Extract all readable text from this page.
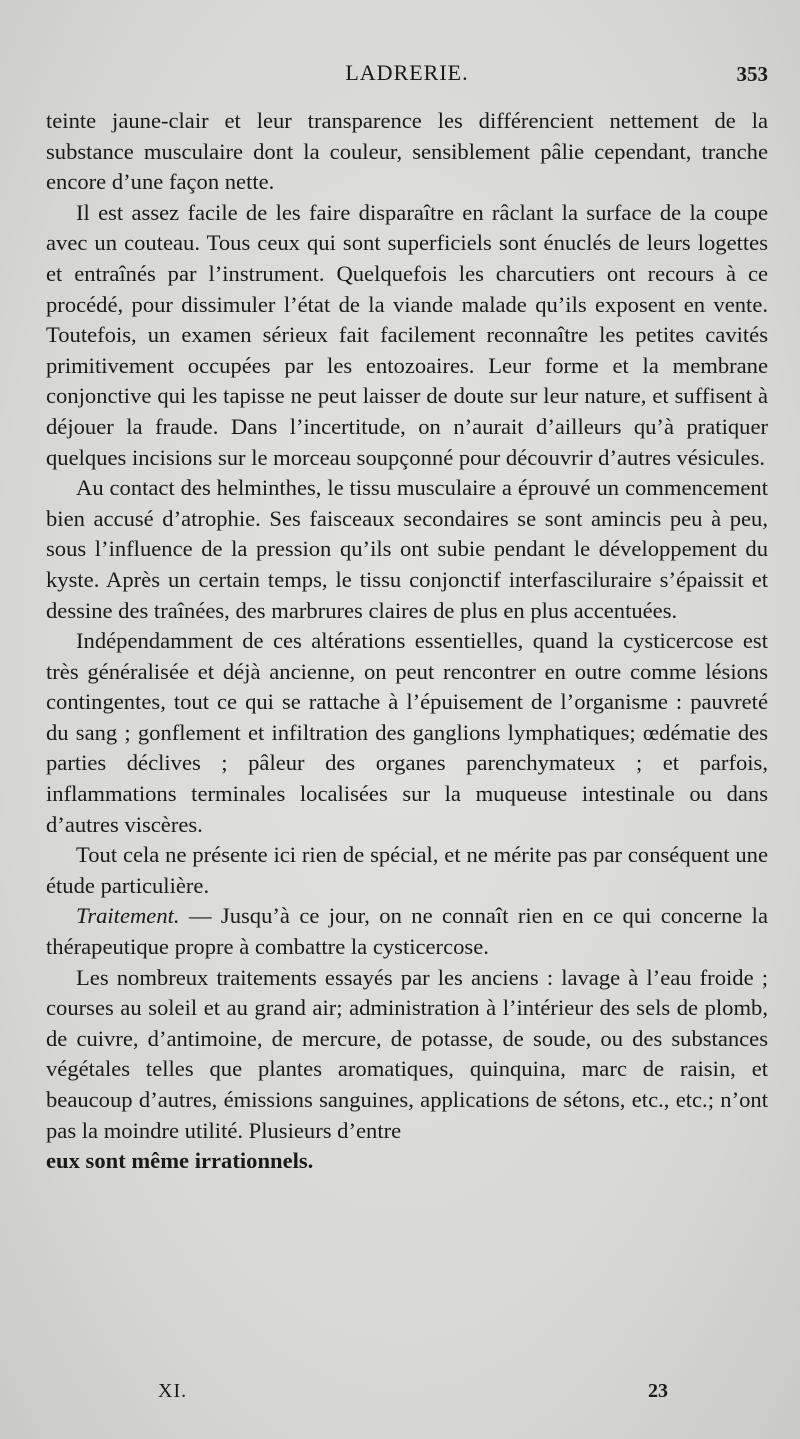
LADRERIE.	353

teinte jaune-clair et leur transparence les différencient nettement de la substance musculaire dont la couleur, sensiblement pâlie cependant, tranche encore d’une façon nette.

Il est assez facile de les faire disparaître en râclant la surface de la coupe avec un couteau. Tous ceux qui sont superficiels sont énuclés de leurs logettes et entraînés par l’instrument. Quelquefois les charcutiers ont recours à ce procédé, pour dissimuler l’état de la viande malade qu’ils exposent en vente. Toutefois, un examen sérieux fait facilement reconnaître les petites cavités primitivement occupées par les entozoaires. Leur forme et la membrane conjonctive qui les tapisse ne peut laisser de doute sur leur nature, et suffisent à déjouer la fraude. Dans l’incertitude, on n’aurait d’ailleurs qu’à pratiquer quelques incisions sur le morceau soupçonné pour découvrir d’autres vésicules.

Au contact des helminthes, le tissu musculaire a éprouvé un commencement bien accusé d’atrophie. Ses faisceaux secondaires se sont amincis peu à peu, sous l’influence de la pression qu’ils ont subie pendant le développement du kyste. Après un certain temps, le tissu conjonctif interfasciluraire s’épaissit et dessine des traînées, des marbrures claires de plus en plus accentuées.

Indépendamment de ces altérations essentielles, quand la cysticercose est très généralisée et déjà ancienne, on peut rencontrer en outre comme lésions contingentes, tout ce qui se rattache à l’épuisement de l’organisme : pauvreté du sang ; gonflement et infiltration des ganglions lymphatiques; œdématie des parties déclives ; pâleur des organes parenchymateux ; et parfois, inflammations terminales localisées sur la muqueuse intestinale ou dans d’autres viscères.

Tout cela ne présente ici rien de spécial, et ne mérite pas par conséquent une étude particulière.

Traitement. — Jusqu’à ce jour, on ne connaît rien en ce qui concerne la thérapeutique propre à combattre la cysticercose.

Les nombreux traitements essayés par les anciens : lavage à l’eau froide ; courses au soleil et au grand air; administration à l’intérieur des sels de plomb, de cuivre, d’antimoine, de mercure, de potasse, de soude, ou des substances végétales telles que plantes aromatiques, quinquina, marc de raisin, et beaucoup d’autres, émissions sanguines, applications de sétons, etc., etc.; n’ont pas la moindre utilité. Plusieurs d’entre
eux sont même irrationnels.

XI.	23
